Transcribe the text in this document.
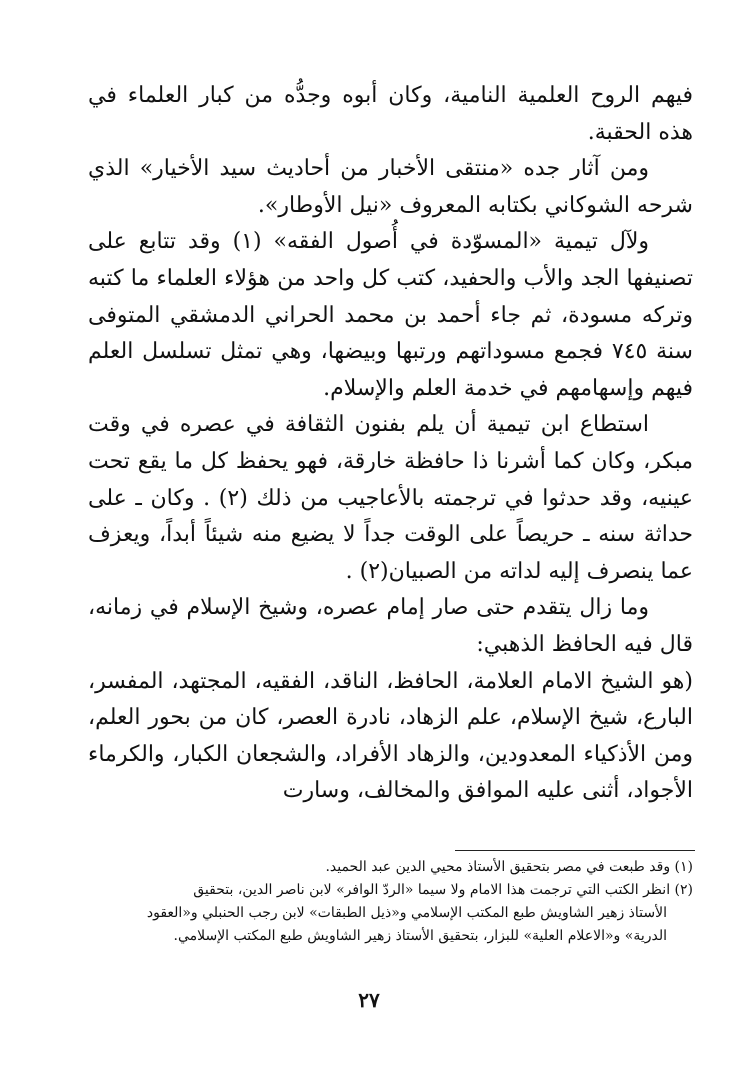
فيهم الروح العلمية النامية، وكان أبوه وجدُّه من كبار العلماء في هذه الحقبة.

ومن آثار جده «منتقى الأخبار من أحاديث سيد الأخيار» الذي شرحه الشوكاني بكتابه المعروف «نيل الأوطار».

ولآل تيمية «المسوّدة في أُصول الفقه» (١) وقد تتابع على تصنيفها الجد والأب والحفيد، كتب كل واحد من هؤلاء العلماء ما كتبه وتركه مسودة، ثم جاء أحمد بن محمد الحراني الدمشقي المتوفى سنة ٧٤٥ فجمع مسوداتهم ورتبها وبيضها، وهي تمثل تسلسل العلم فيهم وإسهامهم في خدمة العلم والإسلام.

استطاع ابن تيمية أن يلم بفنون الثقافة في عصره في وقت مبكر، وكان كما أشرنا ذا حافظة خارقة، فهو يحفظ كل ما يقع تحت عينيه، وقد حدثوا في ترجمته بالأعاجيب من ذلك (٢) . وكان ـ على حداثة سنه ـ حريصاً على الوقت جداً لا يضيع منه شيئاً أبداً، ويعزف عما ينصرف إليه لداته من الصبيان(٢) .

وما زال يتقدم حتى صار إمام عصره، وشيخ الإسلام في زمانه، قال فيه الحافظ الذهبي:

(هو الشيخ الامام العلامة، الحافظ، الناقد، الفقيه، المجتهد، المفسر، البارع، شيخ الإسلام، علم الزهاد، نادرة العصر، كان من بحور العلم، ومن الأذكياء المعدودين، والزهاد الأفراد، والشجعان الكبار، والكرماء الأجواد، أثنى عليه الموافق والمخالف، وسارت

(١) وقد طبعت في مصر بتحقيق الأستاذ محيي الدين عبد الحميد.

(٢) انظر الكتب التي ترجمت هذا الامام ولا سيما «الردّ الوافر» لابن ناصر الدين، بتحقيق

الأستاذ زهير الشاويش طبع المكتب الإسلامي و«ذيل الطبقات» لابن رجب الحنبلي و«العقود

الدرية» و«الاعلام العلية» للبزار، بتحقيق الأستاذ زهير الشاويش طبع المكتب الإسلامي.

٢٧
